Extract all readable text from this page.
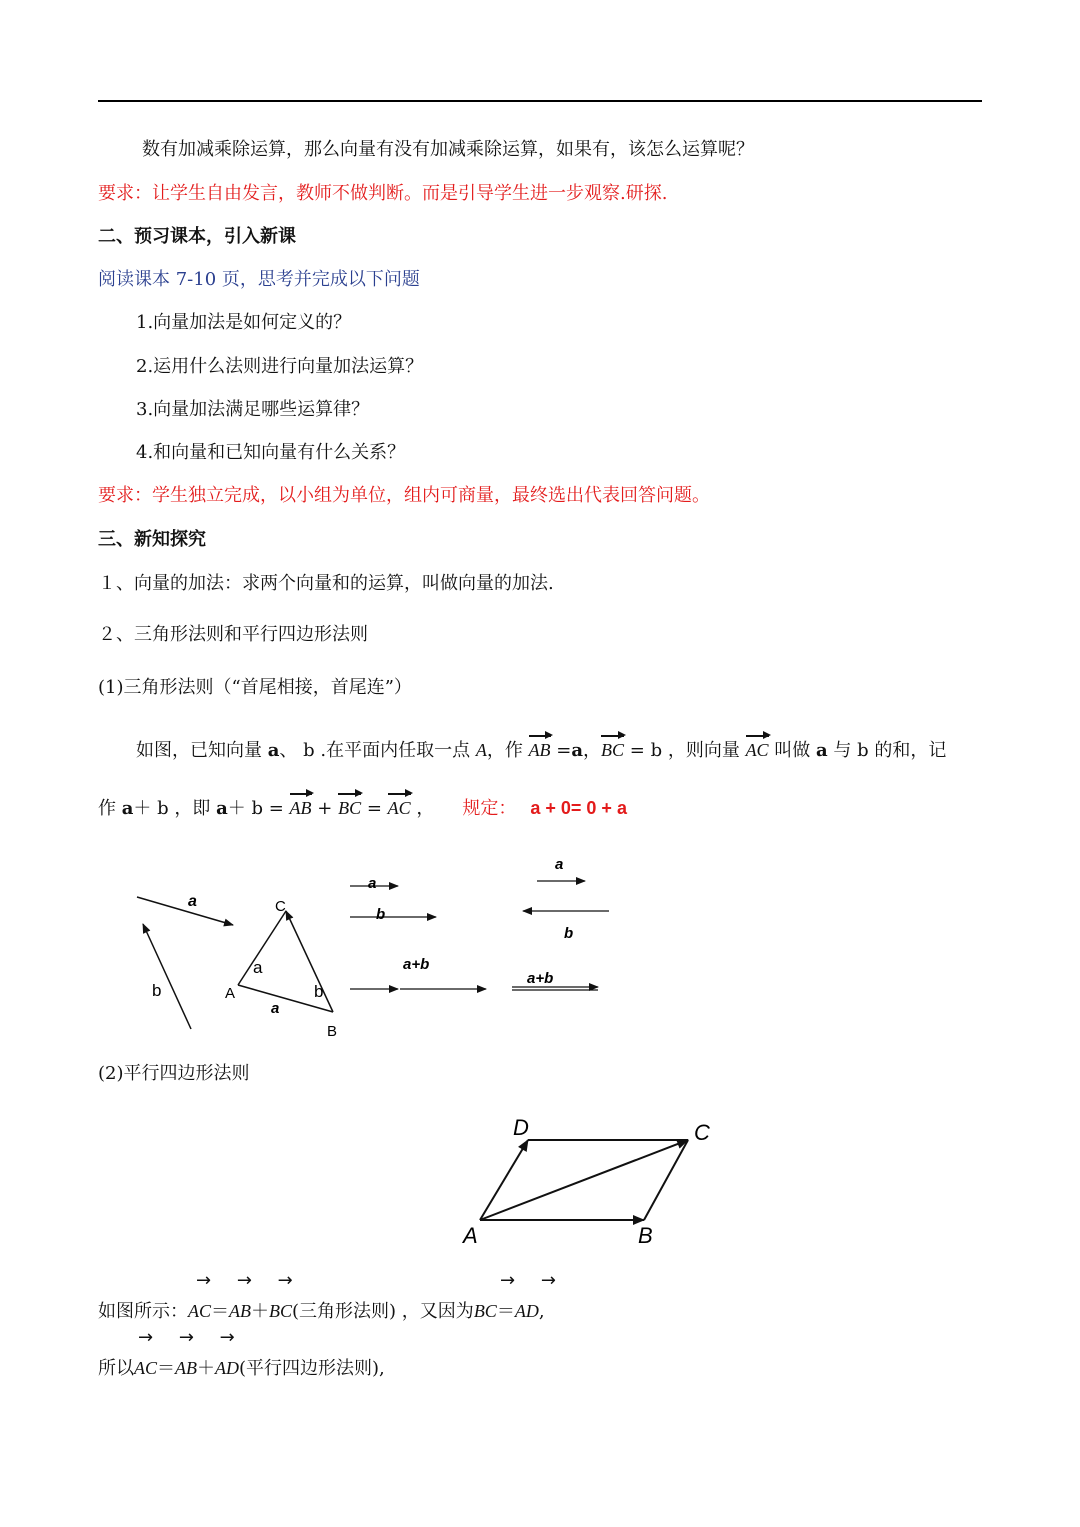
数有加减乘除运算，那么向量有没有加减乘除运算，如果有，该怎么运算呢？
要求：让学生自由发言，教师不做判断。而是引导学生进一步观察.研探.
二、预习课本，引入新课
阅读课本 7-10 页，思考并完成以下问题
1.向量加法是如何定义的？
2.运用什么法则进行向量加法运算？
3.向量加法满足哪些运算律？
4.和向量和已知向量有什么关系？
要求：学生独立完成，以小组为单位，组内可商量，最终选出代表回答问题。
三、新知探究
１、向量的加法：求两个向量和的运算，叫做向量的加法.
２、三角形法则和平行四边形法则
(1)三角形法则（“首尾相接，首尾连”）
如图，已知向量 a、 b .在平面内任取一点 A，作 AB =a，BC = b ，则向量 AC 叫做 a 与 b 的和，记
作 a＋ b ，即 a＋ b = AB + BC = AC ， 规定： a + 0= 0 + a
a
b
C
A
B
a
a
b
a
b
a
b
a+b
a+b
(2)平行四边形法则
A	B
C
D
→ → →	→ →
如图所示：AC＝AB＋BC(三角形法则) ，又因为BC＝AD,
→ → →
所以AC＝AB＋AD(平行四边形法则),
